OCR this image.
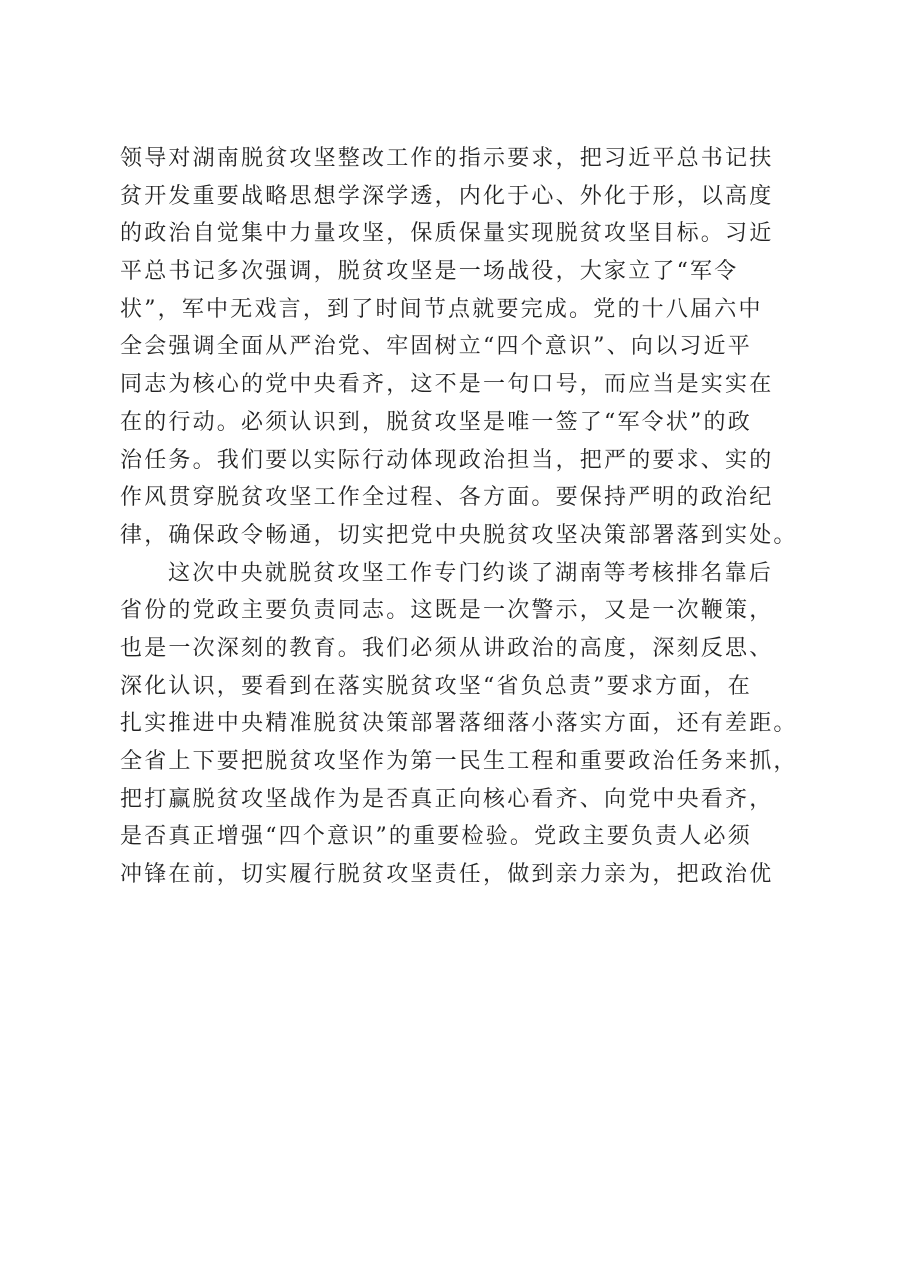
领导对湖南脱贫攻坚整改工作的指示要求，把习近平总书记扶
贫开发重要战略思想学深学透，内化于心、外化于形，以高度
的政治自觉集中力量攻坚，保质保量实现脱贫攻坚目标。习近
平总书记多次强调，脱贫攻坚是一场战役，大家立了“军令
状”，军中无戏言，到了时间节点就要完成。党的十八届六中
全会强调全面从严治党、牢固树立“四个意识”、向以习近平
同志为核心的党中央看齐，这不是一句口号，而应当是实实在
在的行动。必须认识到，脱贫攻坚是唯一签了“军令状”的政
治任务。我们要以实际行动体现政治担当，把严的要求、实的
作风贯穿脱贫攻坚工作全过程、各方面。要保持严明的政治纪
律，确保政令畅通，切实把党中央脱贫攻坚决策部署落到实处。
这次中央就脱贫攻坚工作专门约谈了湖南等考核排名靠后
省份的党政主要负责同志。这既是一次警示，又是一次鞭策，
也是一次深刻的教育。我们必须从讲政治的高度，深刻反思、
深化认识，要看到在落实脱贫攻坚“省负总责”要求方面，在
扎实推进中央精准脱贫决策部署落细落小落实方面，还有差距。
全省上下要把脱贫攻坚作为第一民生工程和重要政治任务来抓，
把打赢脱贫攻坚战作为是否真正向核心看齐、向党中央看齐，
是否真正增强“四个意识”的重要检验。党政主要负责人必须
冲锋在前，切实履行脱贫攻坚责任，做到亲力亲为，把政治优
